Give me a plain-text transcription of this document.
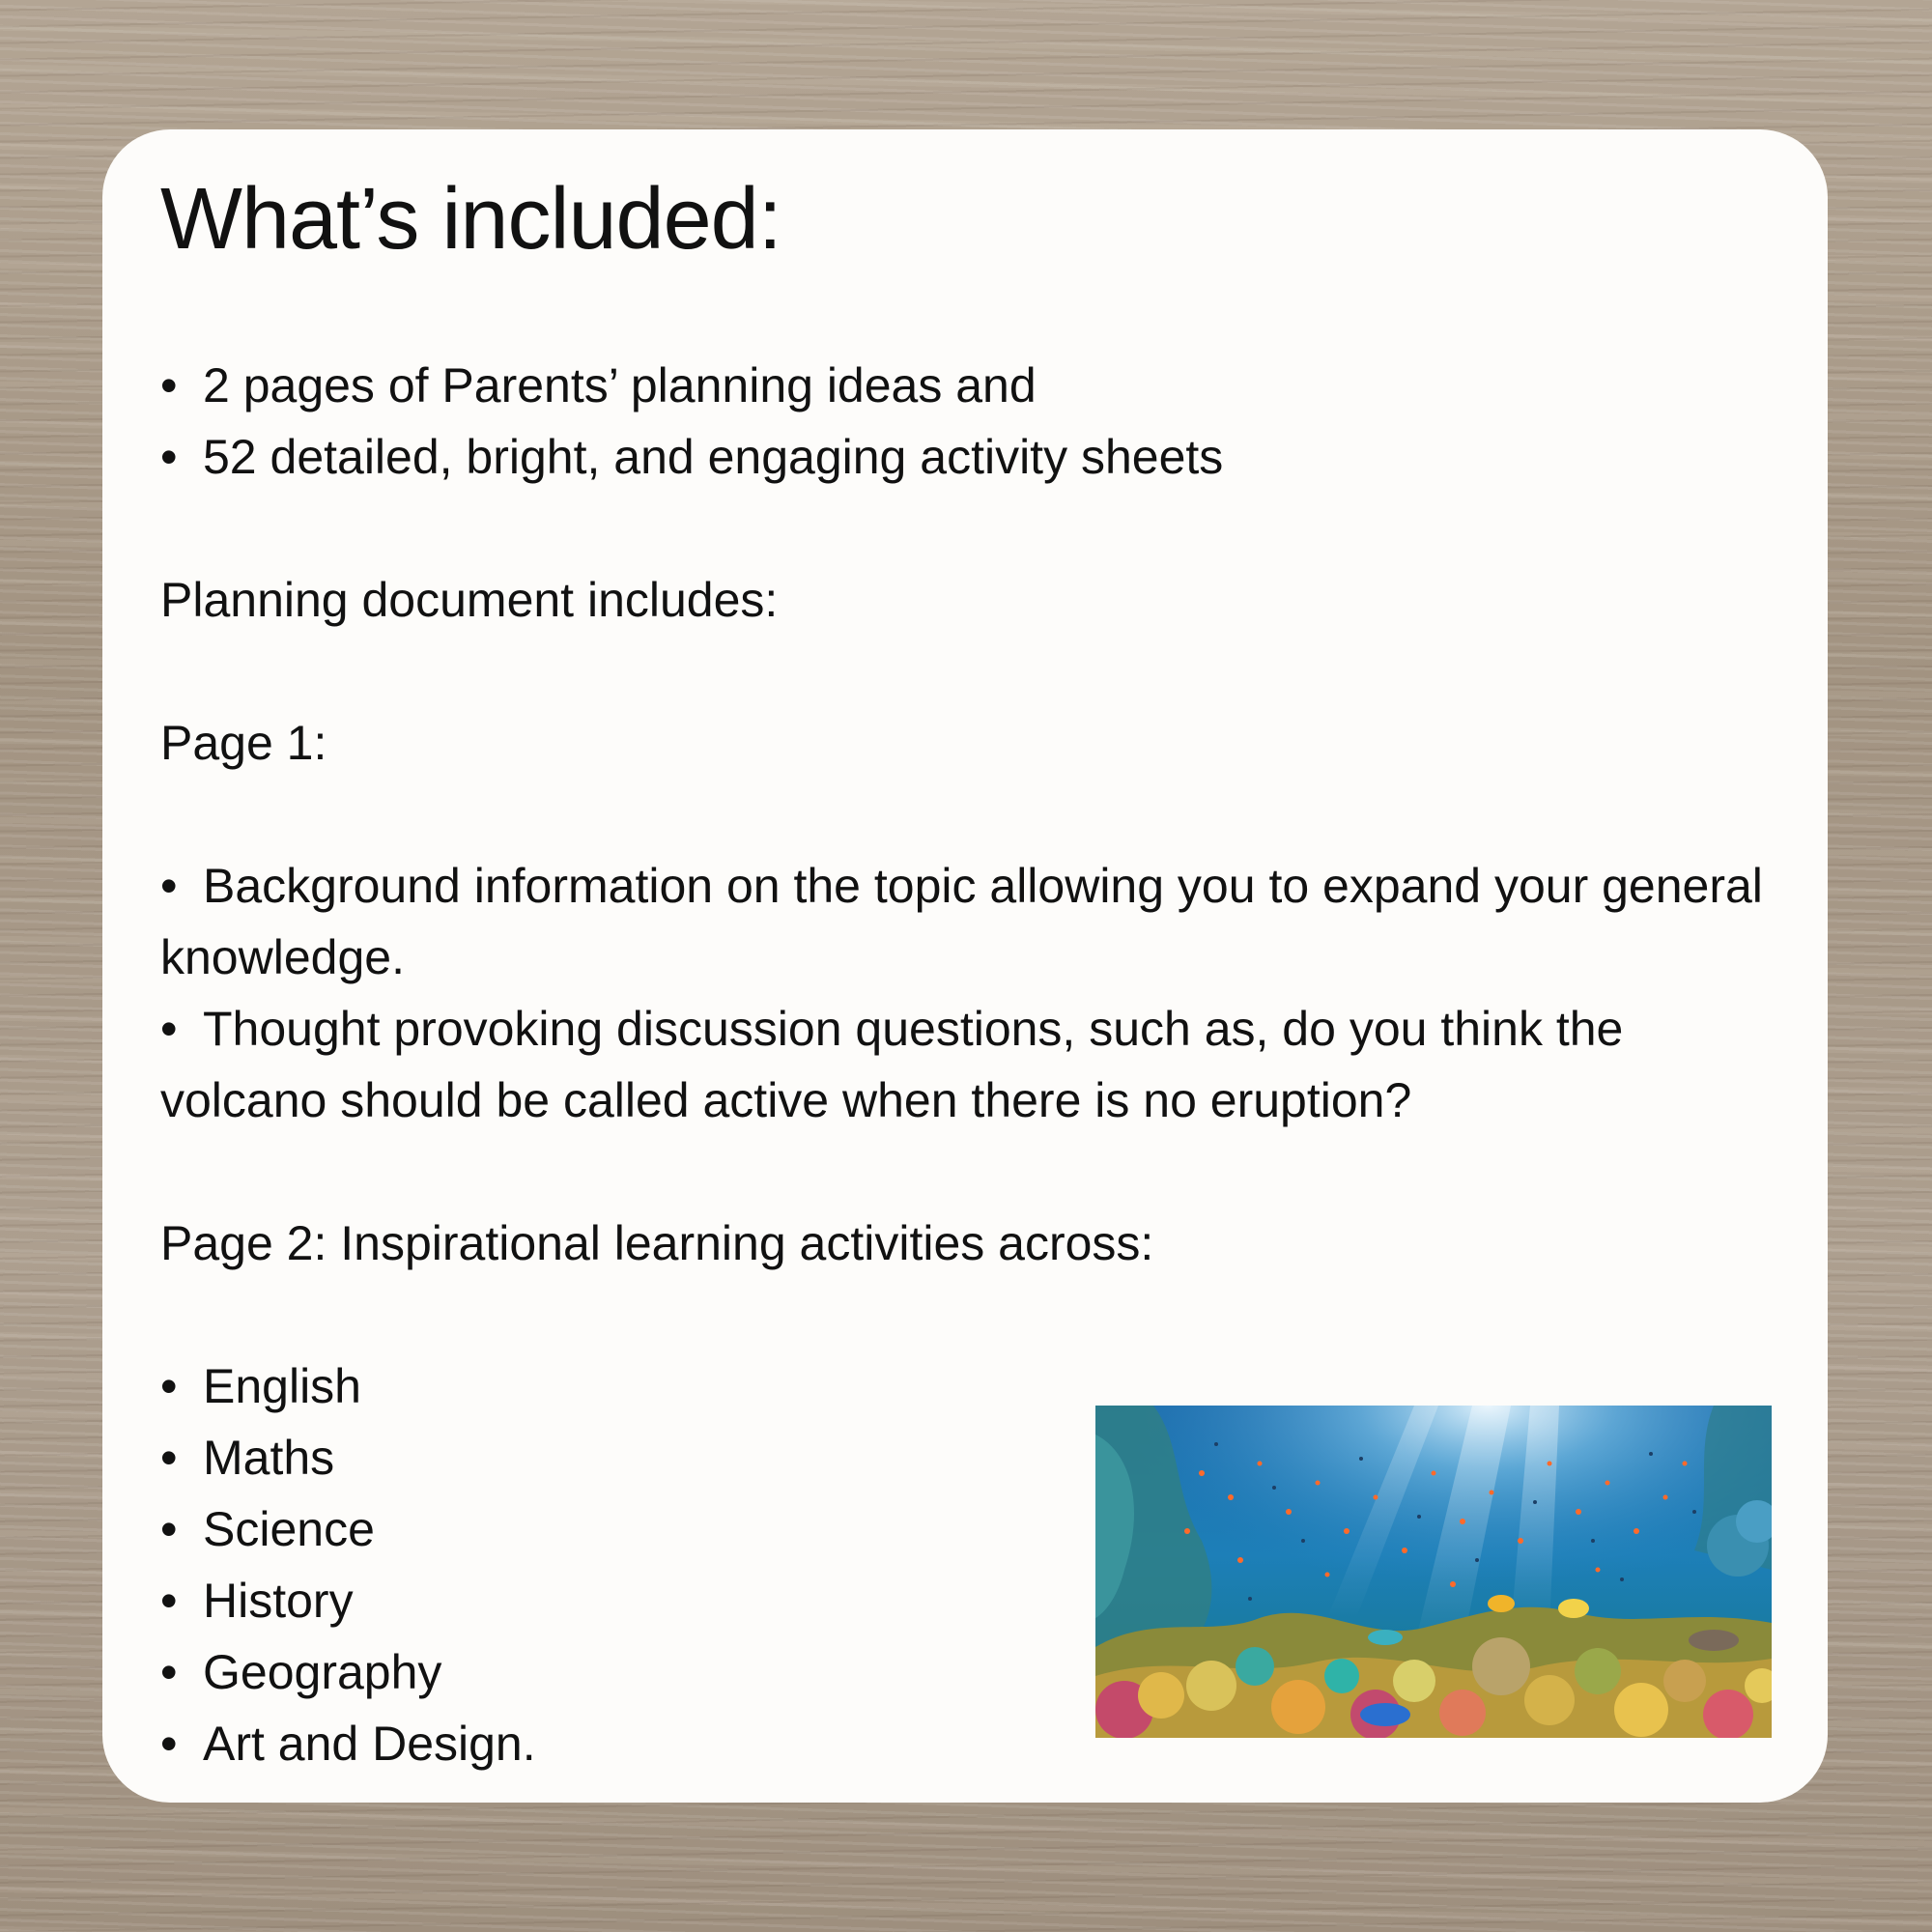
What’s included:
• 2 pages of Parents’ planning ideas and
• 52 detailed, bright, and engaging activity sheets
Planning document includes:
Page 1:
• Background information on the topic allowing you to expand your general knowledge.
• Thought provoking discussion questions, such as, do you think the volcano should be called active when there is no eruption?
Page 2: Inspirational learning activities across:
• English
• Maths
• Science
• History
• Geography
• Art and Design.
